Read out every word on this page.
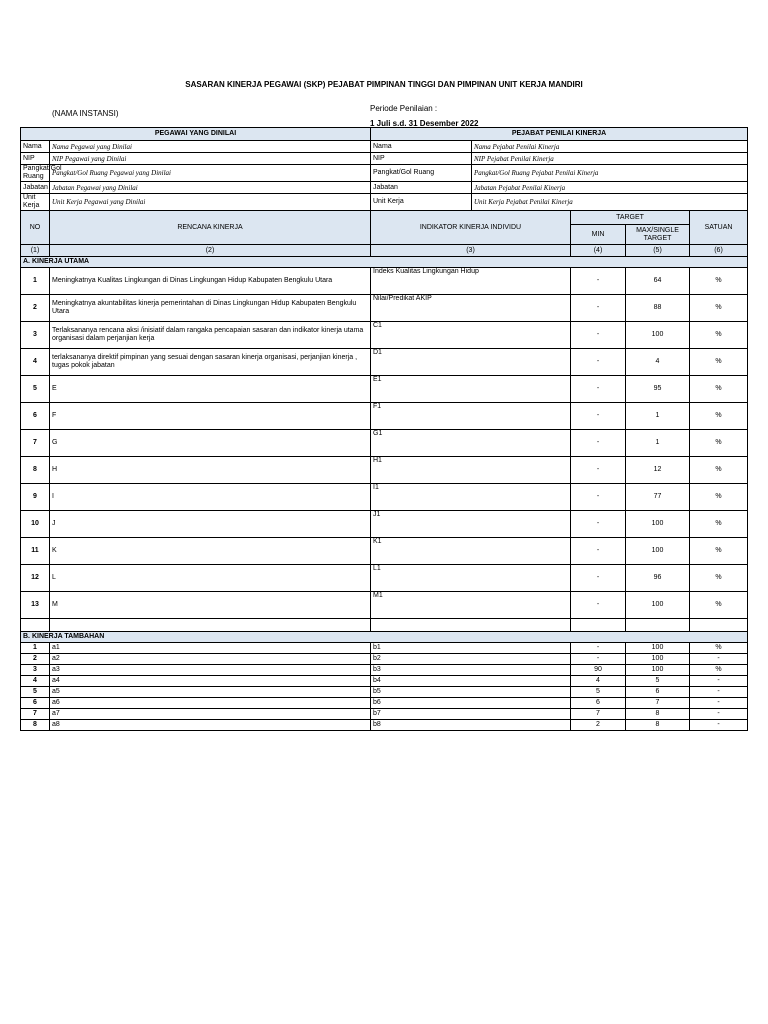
SASARAN KINERJA PEGAWAI (SKP) PEJABAT PIMPINAN TINGGI DAN PIMPINAN UNIT KERJA MANDIRI
(NAMA INSTANSI)
Periode Penilaian :
1 Juli s.d. 31 Desember 2022
PEGAWAI YANG DINILAI		PEJABAT PENILAI KINERJA				
Nama	Nama Pegawai yang Dinilai	Nama	Nama Pejabat Penilai Kinerja			
NIP	NIP Pegawai yang Dinilai	NIP	NIP Pejabat Penilai Kinerja			
Pangkat/Gol Ruang	Pangkat/Gol Ruang Pegawai yang Dinilai	Pangkat/Gol Ruang	Pangkat/Gol Ruang Pejabat Penilai Kinerja			
Jabatan	Jabatan Pegawai yang Dinilai	Jabatan	Jabatan Pejabat Penilai Kinerja			
Unit Kerja	Unit Kerja Pegawai yang Dinilai	Unit Kerja	Unit Kerja Pejabat Penilai Kinerja			
NO	RENCANA KINERJA	INDIKATOR KINERJA INDIVIDU		TARGET		SATUAN
				MIN	MAX/SINGLE TARGET	
(1)	(2)	(3)		(4)	(5)	(6)
A. KINERJA UTAMA						
1	Meningkatnya Kualitas Lingkungan di Dinas Lingkungan Hidup Kabupaten Bengkulu Utara	Indeks Kualitas Lingkungan Hidup		-	64	%
2	Meningkatnya akuntabilitas kinerja pemerintahan di Dinas Lingkungan Hidup Kabupaten Bengkulu Utara	Nilai/Predikat AKIP		-	88	%
3	Terlaksananya rencana aksi /inisiatif dalam rangaka pencapaian sasaran dan indikator kinerja utama organisasi dalam perjanjian kerja	C1		-	100	%
4	terlaksananya direktif pimpinan yang sesuai dengan sasaran kinerja organisasi, perjanjian kinerja , tugas pokok jabatan	D1		-	4	%
5	E	E1		-	95	%
6	F	F1		-	1	%
7	G	G1		-	1	%
8	H	H1		-	12	%
9	I	I1		-	77	%
10	J	J1		-	100	%
11	K	K1		-	100	%
12	L	L1		-	96	%
13	M	M1		-	100	%

B. KINERJA TAMBAHAN						
1	a1	b1		-	100	%
2	a2	b2		-	100	-
3	a3	b3		90	100	%
4	a4	b4		4	5	-
5	a5	b5		5	6	-
6	a6	b6		6	7	-
7	a7	b7		7	8	-
8	a8	b8		2	8	-
